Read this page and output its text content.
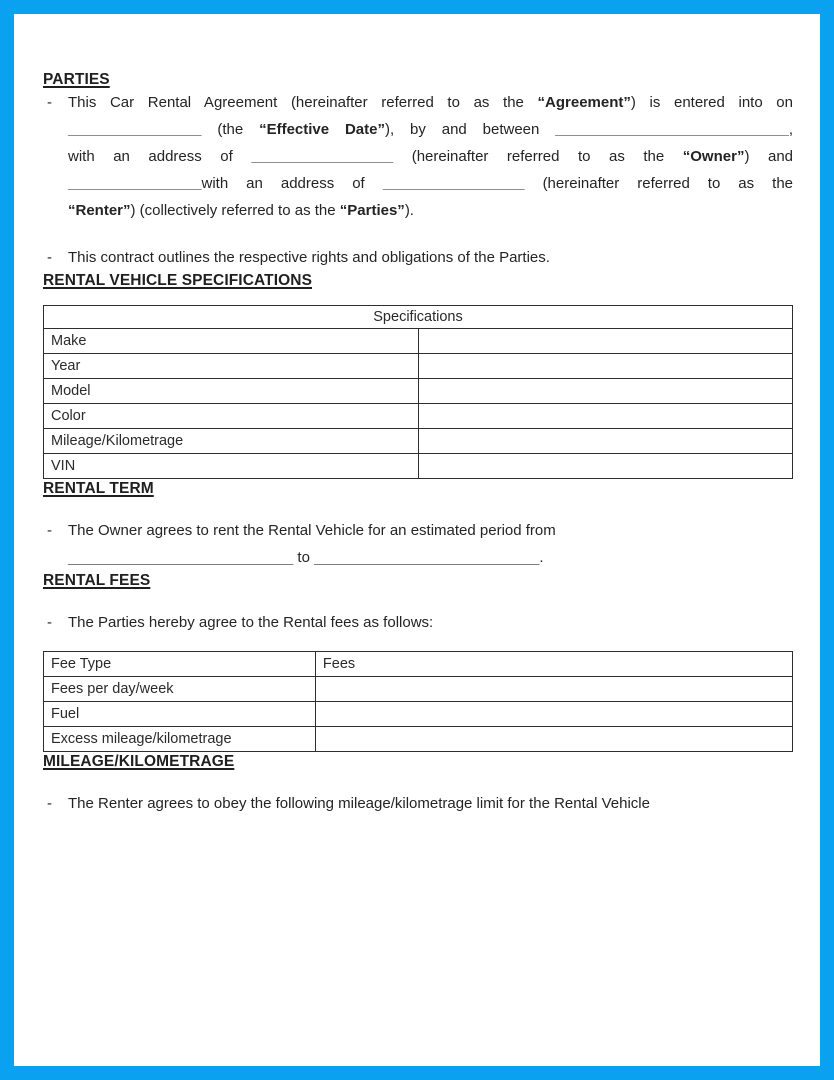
PARTIES
-	This Car Rental Agreement (hereinafter referred to as the “Agreement”) is entered into on
________________ (the “Effective Date”), by and between ____________________________,
with an address of _________________ (hereinafter referred to as the “Owner”) and
________________with an address of _________________ (hereinafter referred to as the
“Renter”) (collectively referred to as the “Parties”).
-	This contract outlines the respective rights and obligations of the Parties.
RENTAL VEHICLE SPECIFICATIONS
Specifications	
Make	
Year	
Model	
Color	
Mileage/Kilometrage	
VIN	
RENTAL TERM
-	The Owner agrees to rent the Rental Vehicle for an estimated period from
___________________________ to ___________________________.
RENTAL FEES
-	The Parties hereby agree to the Rental fees as follows:
Fee Type	Fees
Fees per day/week	
Fuel	
Excess mileage/kilometrage	
MILEAGE/KILOMETRAGE
-	The Renter agrees to obey the following mileage/kilometrage limit for the Rental Vehicle
